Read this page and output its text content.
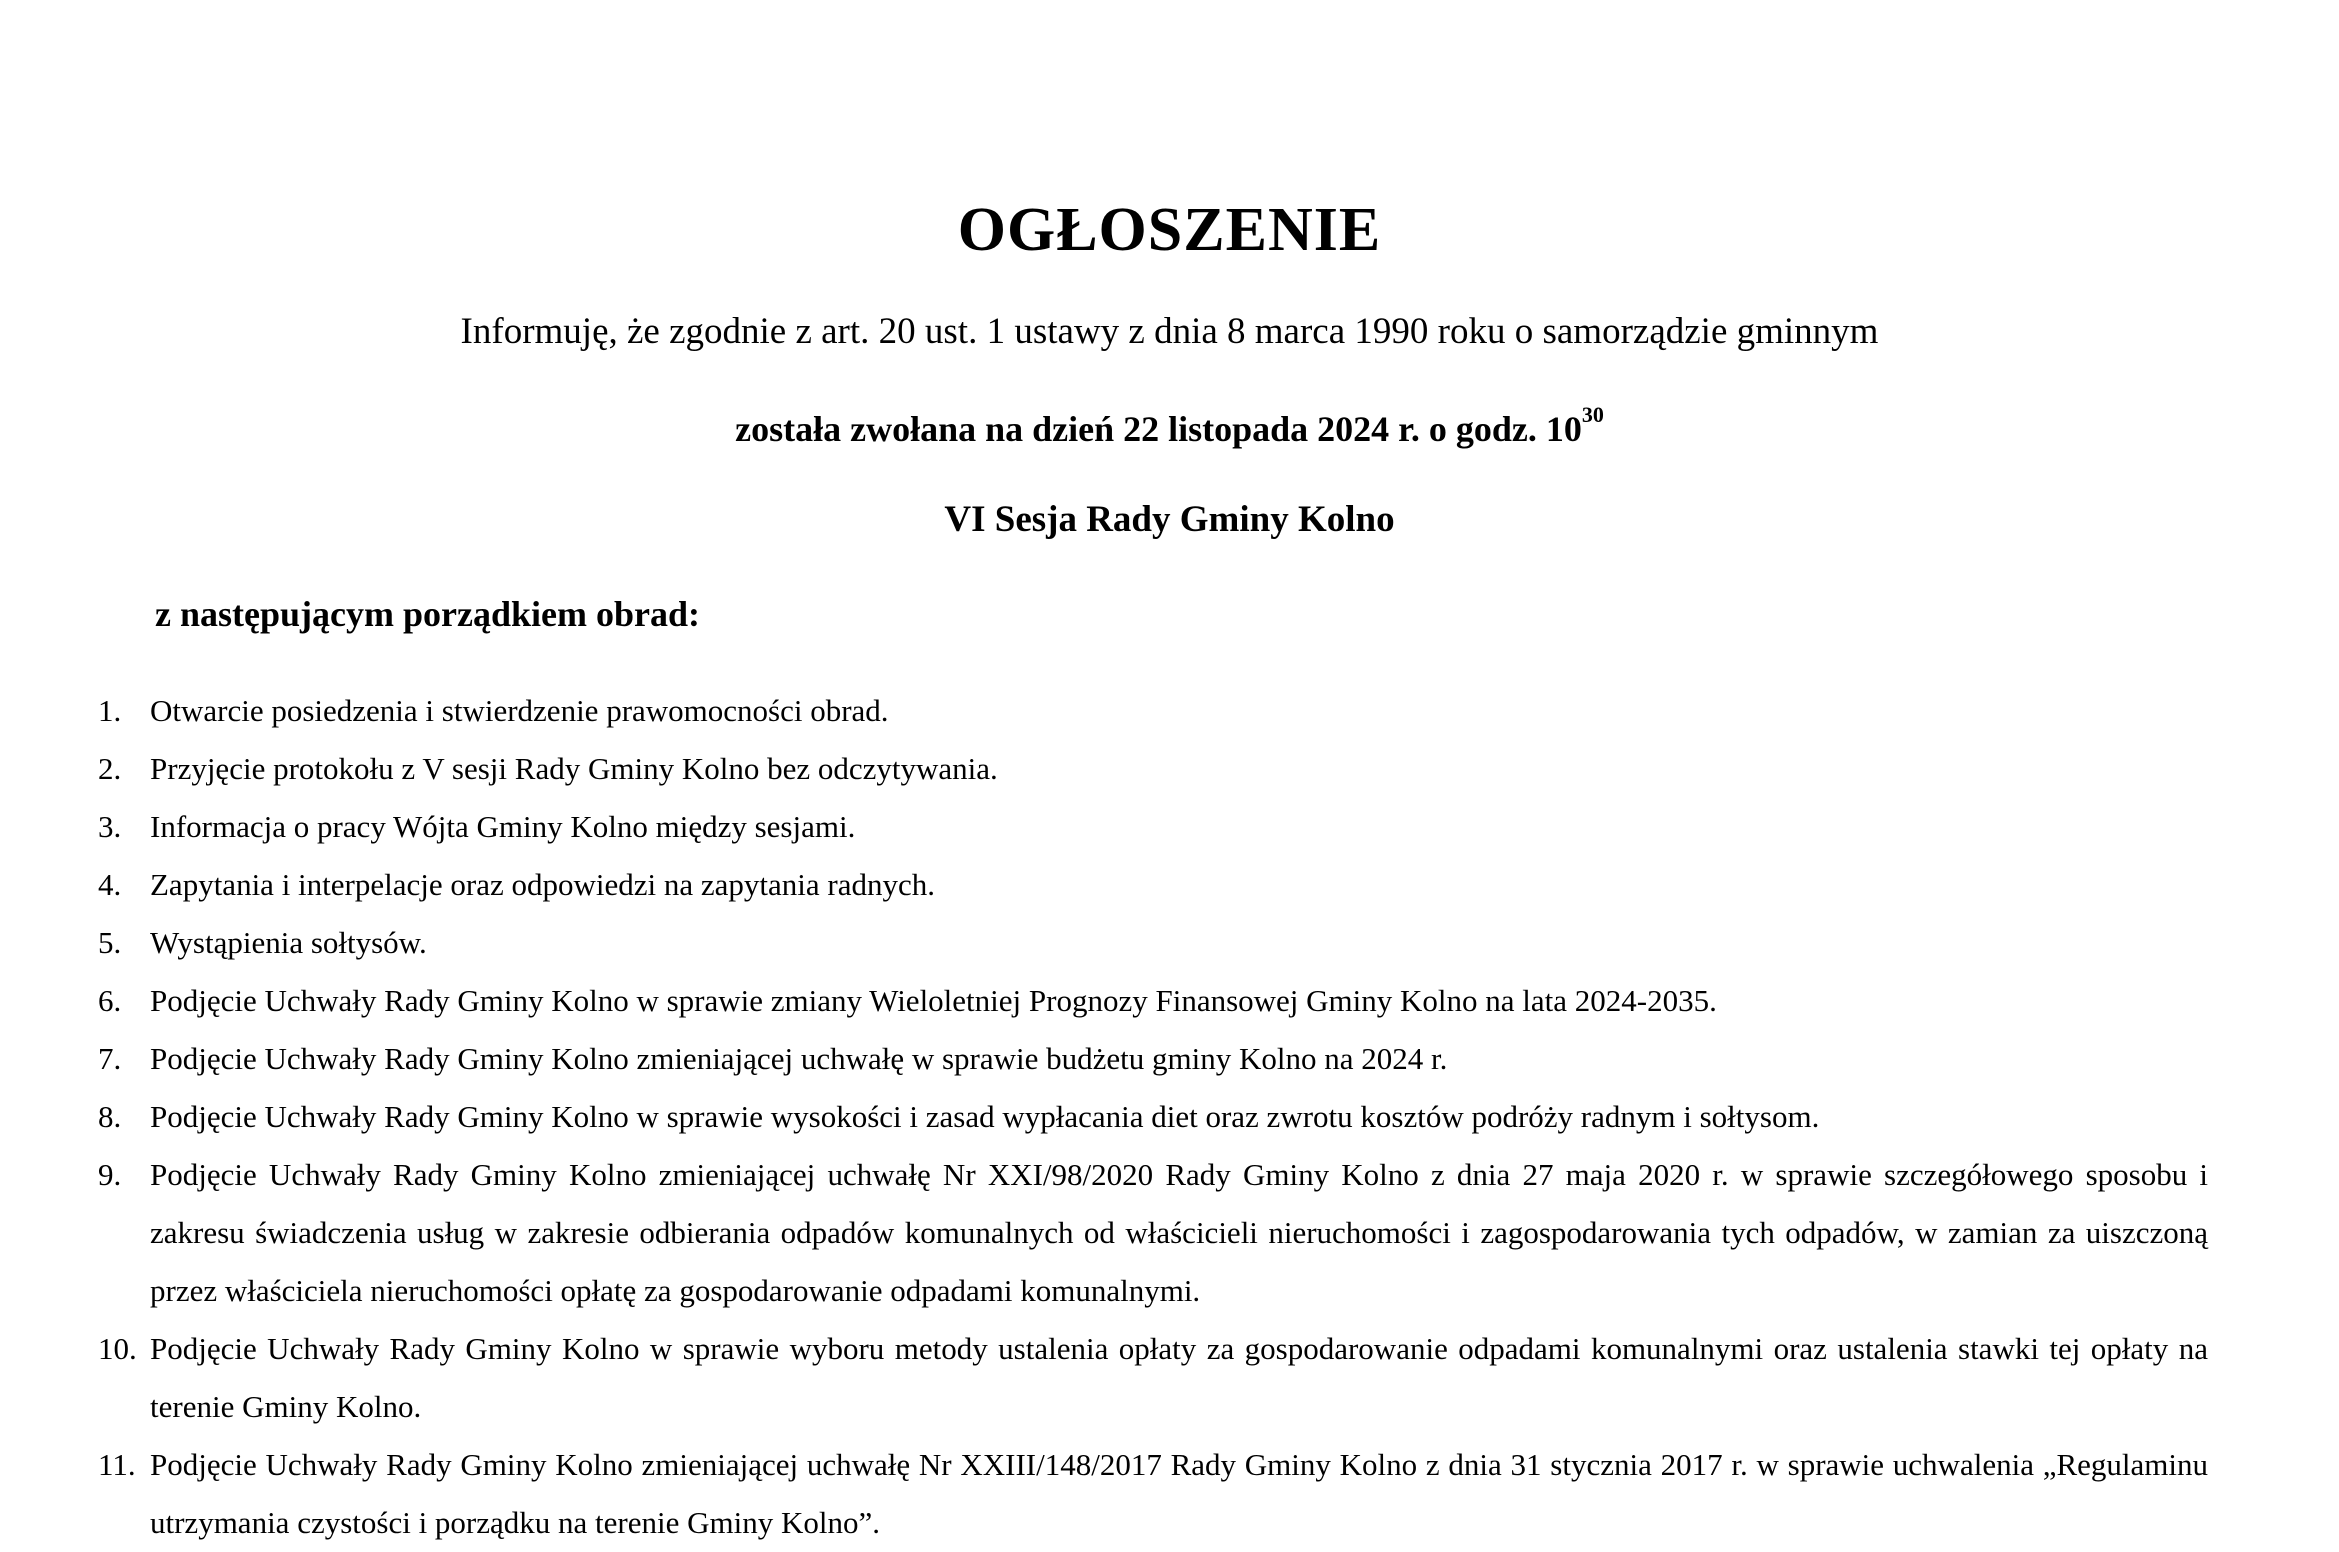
OGŁOSZENIE
Informuję, że zgodnie z art. 20 ust. 1 ustawy z dnia 8 marca 1990 roku o samorządzie gminnym
została zwołana na dzień 22 listopada 2024 r. o godz. $10^{30}$
VI Sesja Rady Gminy Kolno
z następującym porządkiem obrad:
1. Otwarcie posiedzenia i stwierdzenie prawomocności obrad.
2. Przyjęcie protokołu z V sesji Rady Gminy Kolno bez odczytywania.
3. Informacja o pracy Wójta Gminy Kolno między sesjami.
4. Zapytania i interpelacje oraz odpowiedzi na zapytania radnych.
5. Wystąpienia sołtysów.
6. Podjęcie Uchwały Rady Gminy Kolno w sprawie zmiany Wieloletniej Prognozy Finansowej Gminy Kolno na lata 2024-2035.
7. Podjęcie Uchwały Rady Gminy Kolno zmieniającej uchwałę w sprawie budżetu gminy Kolno na 2024 r.
8. Podjęcie Uchwały Rady Gminy Kolno w sprawie wysokości i zasad wypłacania diet oraz zwrotu kosztów podróży radnym i sołtysom.
9. Podjęcie Uchwały Rady Gminy Kolno zmieniającej uchwałę Nr XXI/98/2020 Rady Gminy Kolno z dnia 27 maja 2020 r. w sprawie szczegółowego sposobu i zakresu świadczenia usług w zakresie odbierania odpadów komunalnych od właścicieli nieruchomości i zagospodarowania tych odpadów, w zamian za uiszczoną przez właściciela nieruchomości opłatę za gospodarowanie odpadami komunalnymi.
10. Podjęcie Uchwały Rady Gminy Kolno w sprawie wyboru metody ustalenia opłaty za gospodarowanie odpadami komunalnymi oraz ustalenia stawki tej opłaty na terenie Gminy Kolno.
11. Podjęcie Uchwały Rady Gminy Kolno zmieniającej uchwałę Nr XXIII/148/2017 Rady Gminy Kolno z dnia 31 stycznia 2017 r. w sprawie uchwalenia „Regulaminu utrzymania czystości i porządku na terenie Gminy Kolno”.
